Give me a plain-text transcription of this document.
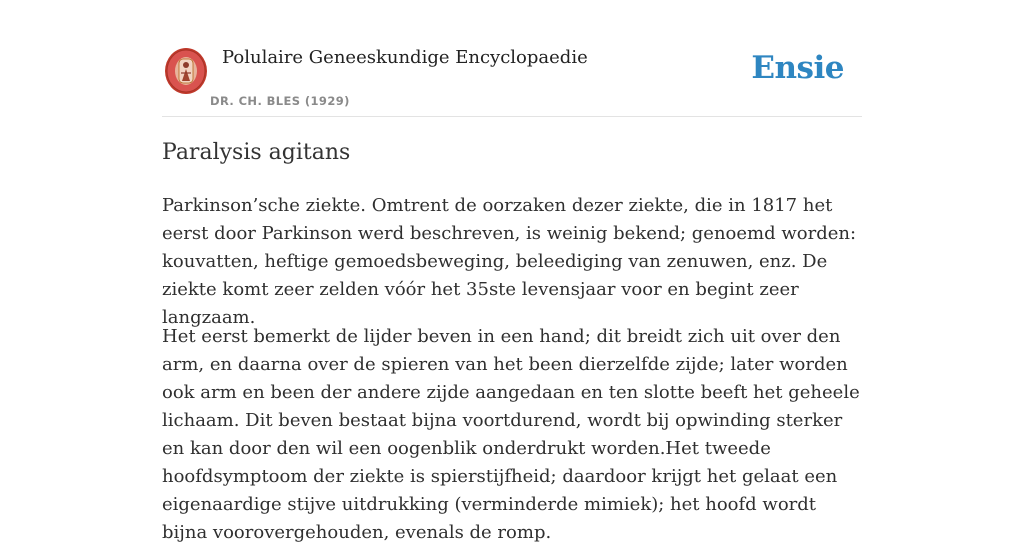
Polulaire Geneeskundige Encyclopaedie
DR. CH. BLES (1929)
Ensie
Paralysis agitans

Parkinson’sche ziekte. Omtrent de oorzaken dezer ziekte, die in 1817 het eerst door Parkinson werd beschreven, is weinig bekend; genoemd worden: kouvatten, heftige gemoedsbeweging, beleediging van zenuwen, enz. De ziekte komt zeer zelden vóór het 35ste levensjaar voor en begint zeer langzaam.

Het eerst bemerkt de lijder beven in een hand; dit breidt zich uit over den arm, en daarna over de spieren van het been dierzelfde zijde; later worden ook arm en been der andere zijde aangedaan en ten slotte beeft het geheele lichaam. Dit beven bestaat bijna voortdurend, wordt bij opwinding sterker en kan door den wil een oogenblik onderdrukt worden.Het tweede hoofdsymptoom der ziekte is spierstijfheid; daardoor krijgt het gelaat een eigenaardige stijve uitdrukking (verminderde mimiek); het hoofd wordt bijna voorovergehouden, evenals de romp.
